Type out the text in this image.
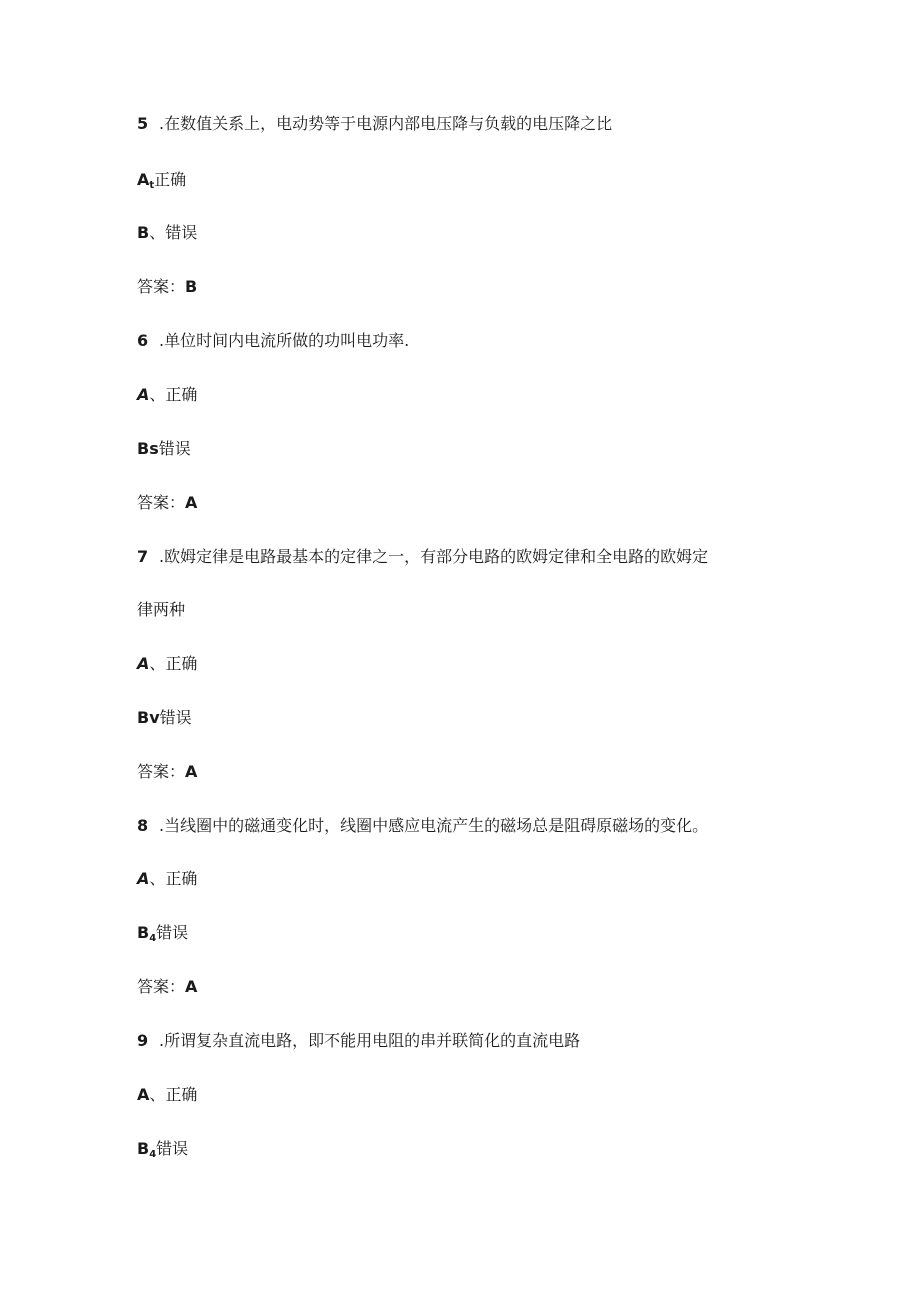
5 .在数值关系上，电动势等于电源内部电压降与负载的电压降之比
$A_t$正确
B、错误
答案：B
6 .单位时间内电流所做的功叫电功率.
A、正确
Bs错误
答案：A
7 .欧姆定律是电路最基本的定律之一，有部分电路的欧姆定律和全电路的欧姆定
律两种
A、正确
Bv错误
答案：A
8 .当线圈中的磁通变化时，线圈中感应电流产生的磁场总是阻碍原磁场的变化。
A、正确
$B_4$错误
答案：A
9 .所谓复杂直流电路，即不能用电阻的串并联简化的直流电路
A、正确
$B_4$错误
